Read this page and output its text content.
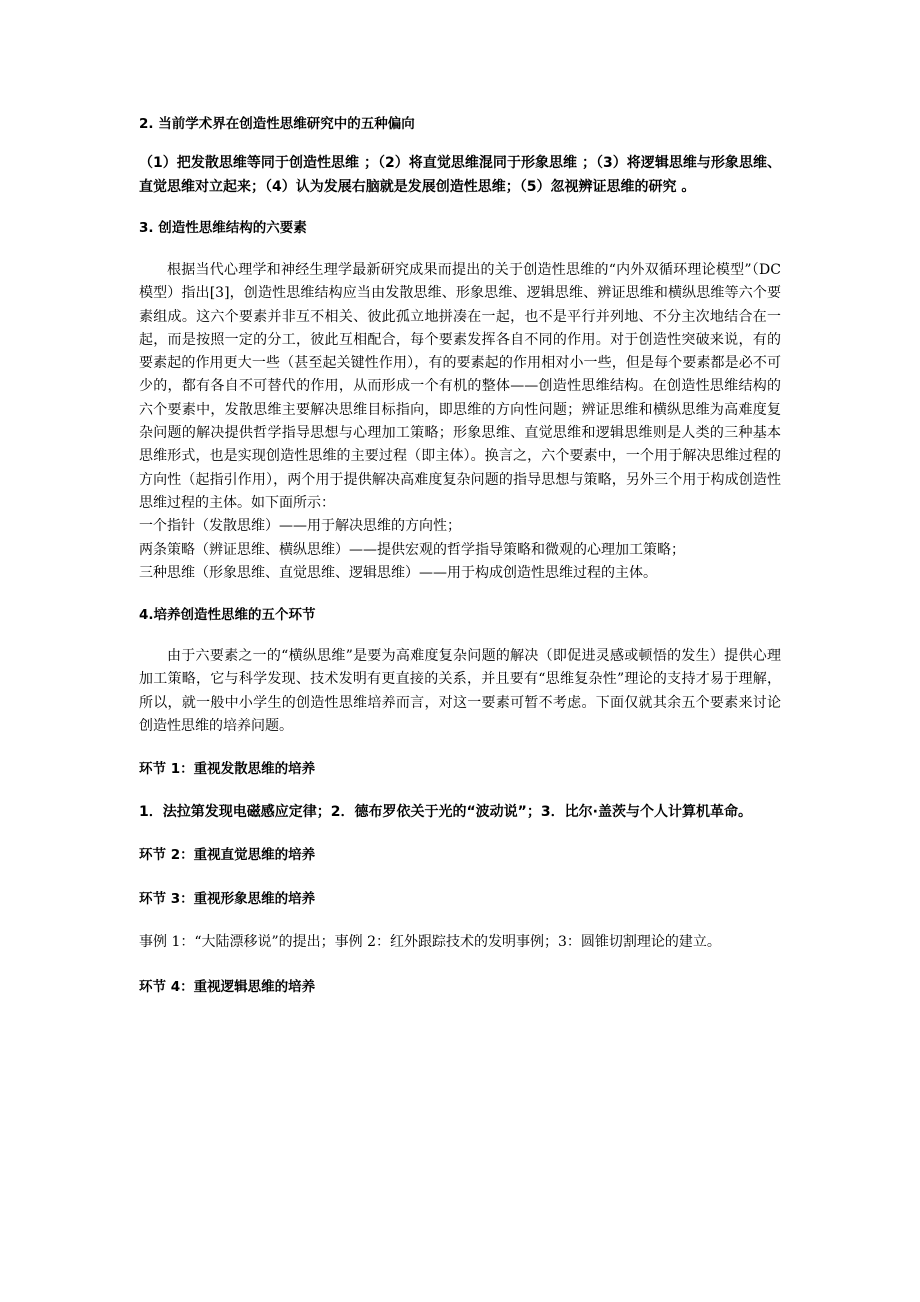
2. 当前学术界在创造性思维研究中的五种偏向

（1）把发散思维等同于创造性思维 ；（2）将直觉思维混同于形象思维 ；（3）将逻辑思维与形象思维、直觉思维对立起来；（4）认为发展右脑就是发展创造性思维；（5）忽视辨证思维的研究 。

3. 创造性思维结构的六要素

根据当代心理学和神经生理学最新研究成果而提出的关于创造性思维的“内外双循环理论模型”（DC模型）指出[3]，创造性思维结构应当由发散思维、形象思维、逻辑思维、辨证思维和横纵思维等六个要素组成。这六个要素并非互不相关、彼此孤立地拼凑在一起，也不是平行并列地、不分主次地结合在一起，而是按照一定的分工，彼此互相配合，每个要素发挥各自不同的作用。对于创造性突破来说，有的要素起的作用更大一些（甚至起关键性作用），有的要素起的作用相对小一些，但是每个要素都是必不可少的，都有各自不可替代的作用，从而形成一个有机的整体——创造性思维结构。在创造性思维结构的六个要素中，发散思维主要解决思维目标指向，即思维的方向性问题；辨证思维和横纵思维为高难度复杂问题的解决提供哲学指导思想与心理加工策略；形象思维、直觉思维和逻辑思维则是人类的三种基本思维形式，也是实现创造性思维的主要过程（即主体）。换言之，六个要素中，一个用于解决思维过程的方向性（起指引作用），两个用于提供解决高难度复杂问题的指导思想与策略，另外三个用于构成创造性思维过程的主体。如下面所示：

一个指针（发散思维）——用于解决思维的方向性；

两条策略（辨证思维、横纵思维）——提供宏观的哲学指导策略和微观的心理加工策略；

三种思维（形象思维、直觉思维、逻辑思维）——用于构成创造性思维过程的主体。

4.培养创造性思维的五个环节

由于六要素之一的“横纵思维”是要为高难度复杂问题的解决（即促进灵感或顿悟的发生）提供心理加工策略，它与科学发现、技术发明有更直接的关系，并且要有“思维复杂性”理论的支持才易于理解，所以，就一般中小学生的创造性思维培养而言，对这一要素可暂不考虑。下面仅就其余五个要素来讨论创造性思维的培养问题。

环节 1：重视发散思维的培养

1．法拉第发现电磁感应定律；2．德布罗依关于光的“波动说”；3．比尔·盖茨与个人计算机革命。

环节 2：重视直觉思维的培养

环节 3：重视形象思维的培养

事例 1：“大陆漂移说”的提出；事例 2：红外跟踪技术的发明事例；3：圆锥切割理论的建立。

环节 4：重视逻辑思维的培养
